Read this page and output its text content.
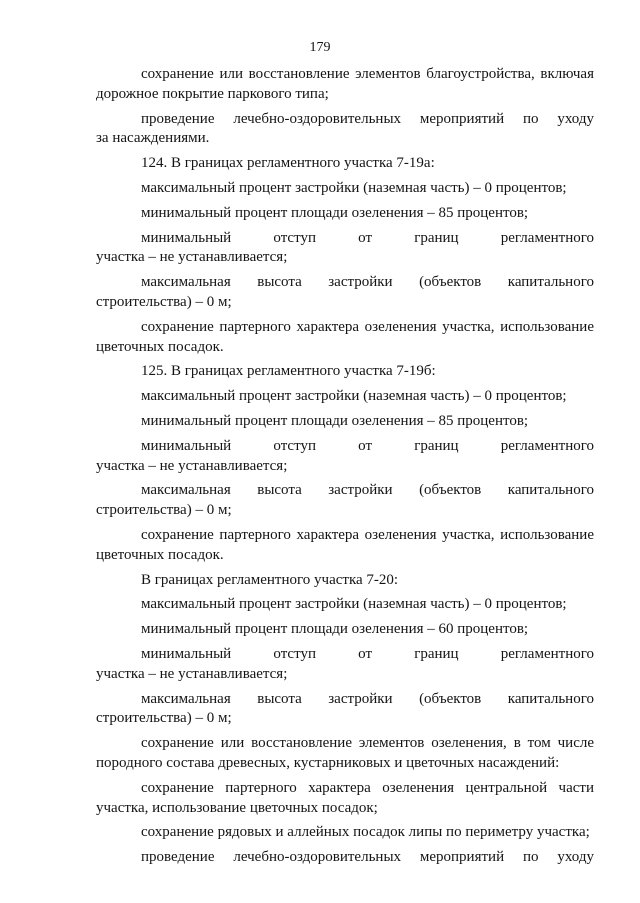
179
сохранение или восстановление элементов благоустройства, включая
дорожное покрытие паркового типа;
проведение лечебно-оздоровительных мероприятий по уходу
за насаждениями.
124. В границах регламентного участка 7-19а:
максимальный процент застройки (наземная часть) – 0 процентов;
минимальный процент площади озеленения – 85 процентов;
минимальный отступ от границ регламентного
участка – не устанавливается;
максимальная высота застройки (объектов капитального
строительства) – 0 м;
сохранение партерного характера озеленения участка, использование
цветочных посадок.
125. В границах регламентного участка 7-19б:
максимальный процент застройки (наземная часть) – 0 процентов;
минимальный процент площади озеленения – 85 процентов;
минимальный отступ от границ регламентного
участка – не устанавливается;
максимальная высота застройки (объектов капитального
строительства) – 0 м;
сохранение партерного характера озеленения участка, использование
цветочных посадок.
В границах регламентного участка 7-20:
максимальный процент застройки (наземная часть) – 0 процентов;
минимальный процент площади озеленения – 60 процентов;
минимальный отступ от границ регламентного
участка – не устанавливается;
максимальная высота застройки (объектов капитального
строительства) – 0 м;
сохранение или восстановление элементов озеленения, в том числе
породного состава древесных, кустарниковых и цветочных насаждений:
сохранение партерного характера озеленения центральной части
участка, использование цветочных посадок;
сохранение рядовых и аллейных посадок липы по периметру участка;
проведение лечебно-оздоровительных мероприятий по уходу
